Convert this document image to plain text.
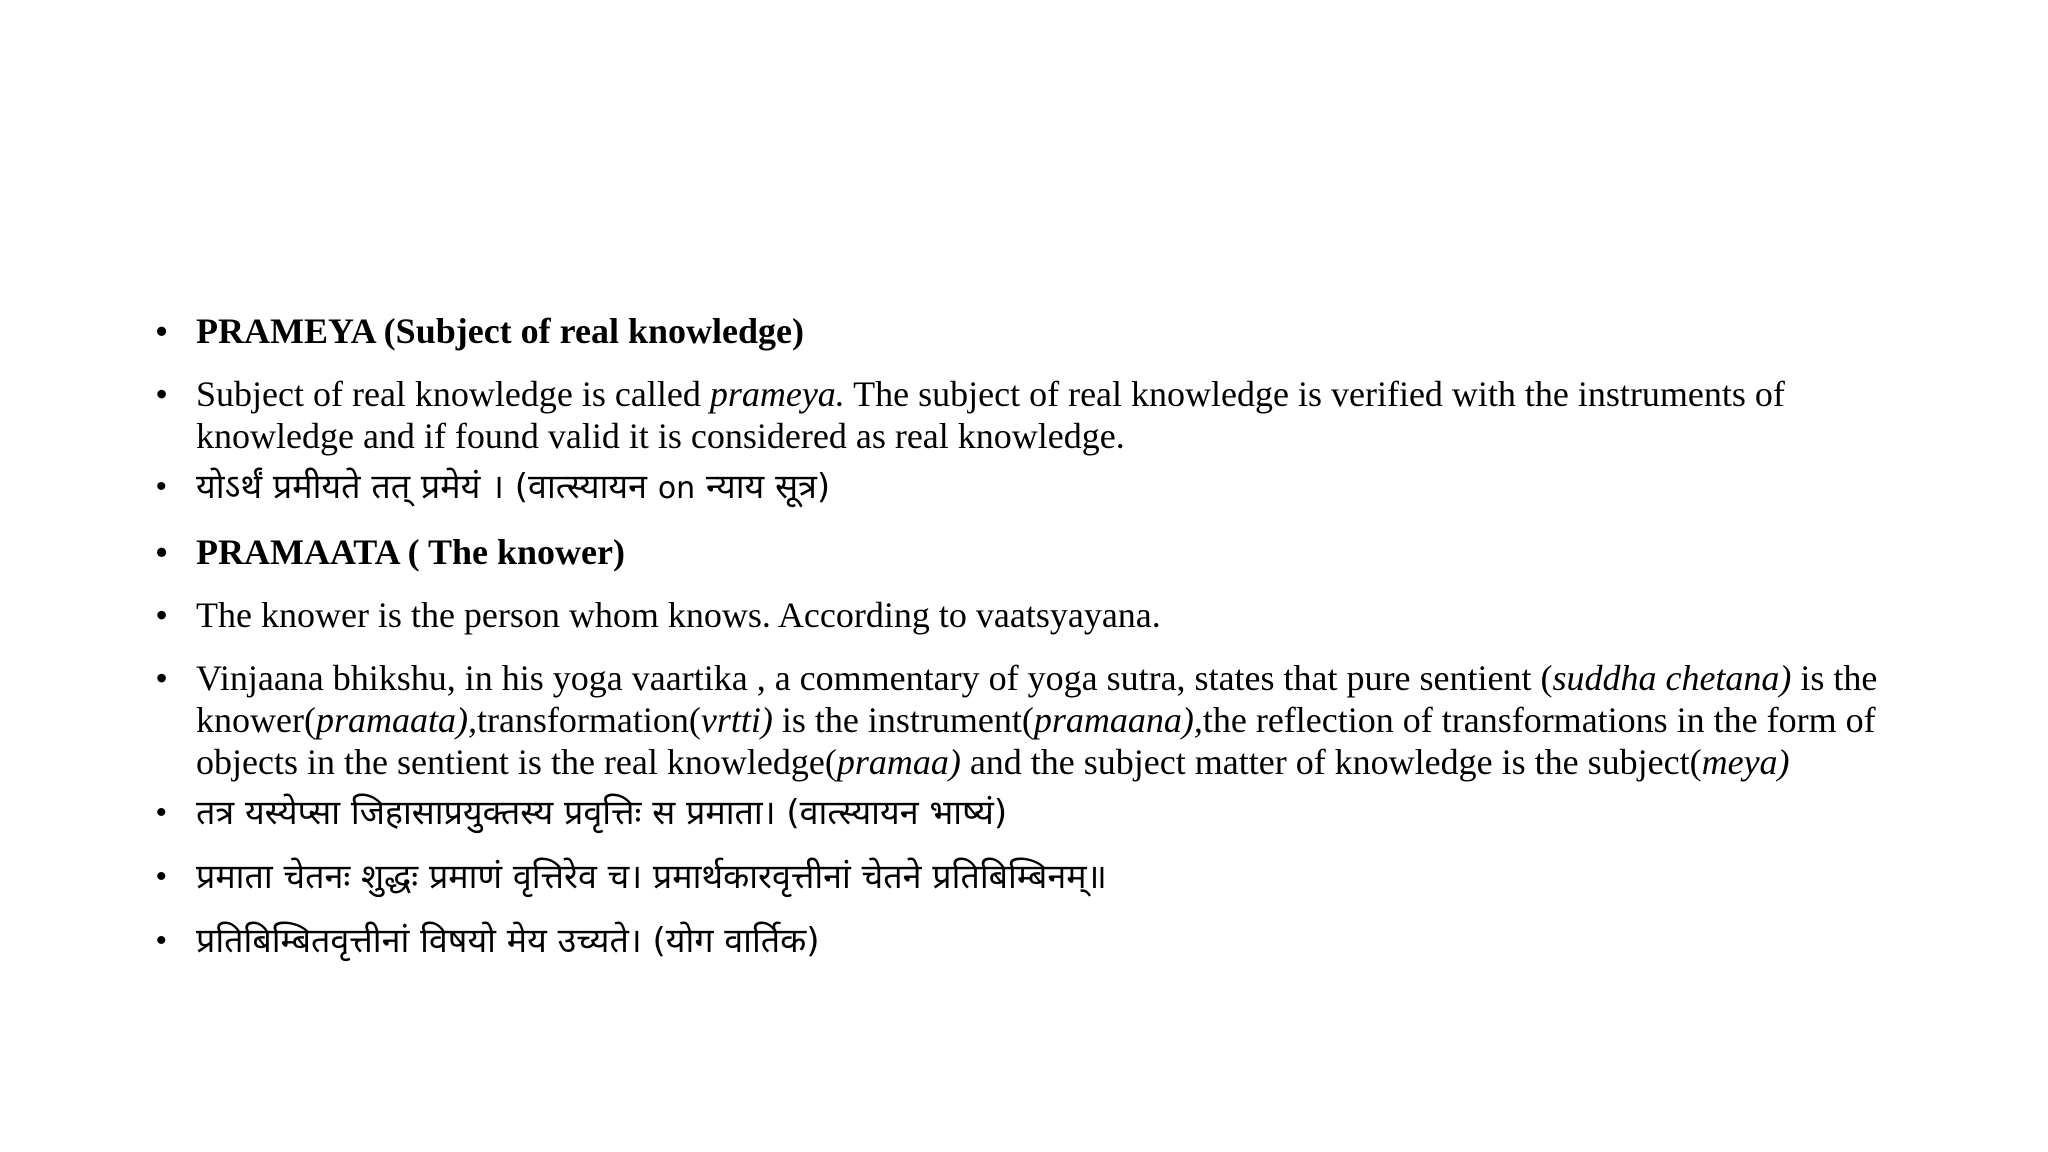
• PRAMEYA (Subject of real knowledge)
• Subject of real knowledge is called prameya. The subject of real knowledge is verified with the instruments of knowledge and if found valid it is considered as real knowledge.
• योऽर्थं प्रमीयते तत् प्रमेयं । (वात्स्यायन on न्याय सूत्र)
• PRAMAATA ( The knower)
• The knower is the person whom knows. According to vaatsyayana.
• Vinjaana bhikshu, in his yoga vaartika , a commentary of yoga sutra, states that pure sentient (suddha chetana) is the knower(pramaata),transformation(vrtti) is the instrument(pramaana),the reflection of transformations in the form of objects in the sentient is the real knowledge(pramaa) and the subject matter of knowledge is the subject(meya)
• तत्र यस्येप्सा जिहासाप्रयुक्तस्य प्रवृत्तिः स प्रमाता। (वात्स्यायन भाष्यं)
• प्रमाता चेतनः शुद्धः प्रमाणं वृत्तिरेव च। प्रमार्थकारवृत्तीनां चेतने प्रतिबिम्बिनम्॥
• प्रतिबिम्बितवृत्तीनां विषयो मेय उच्यते। (योग वार्तिक)
